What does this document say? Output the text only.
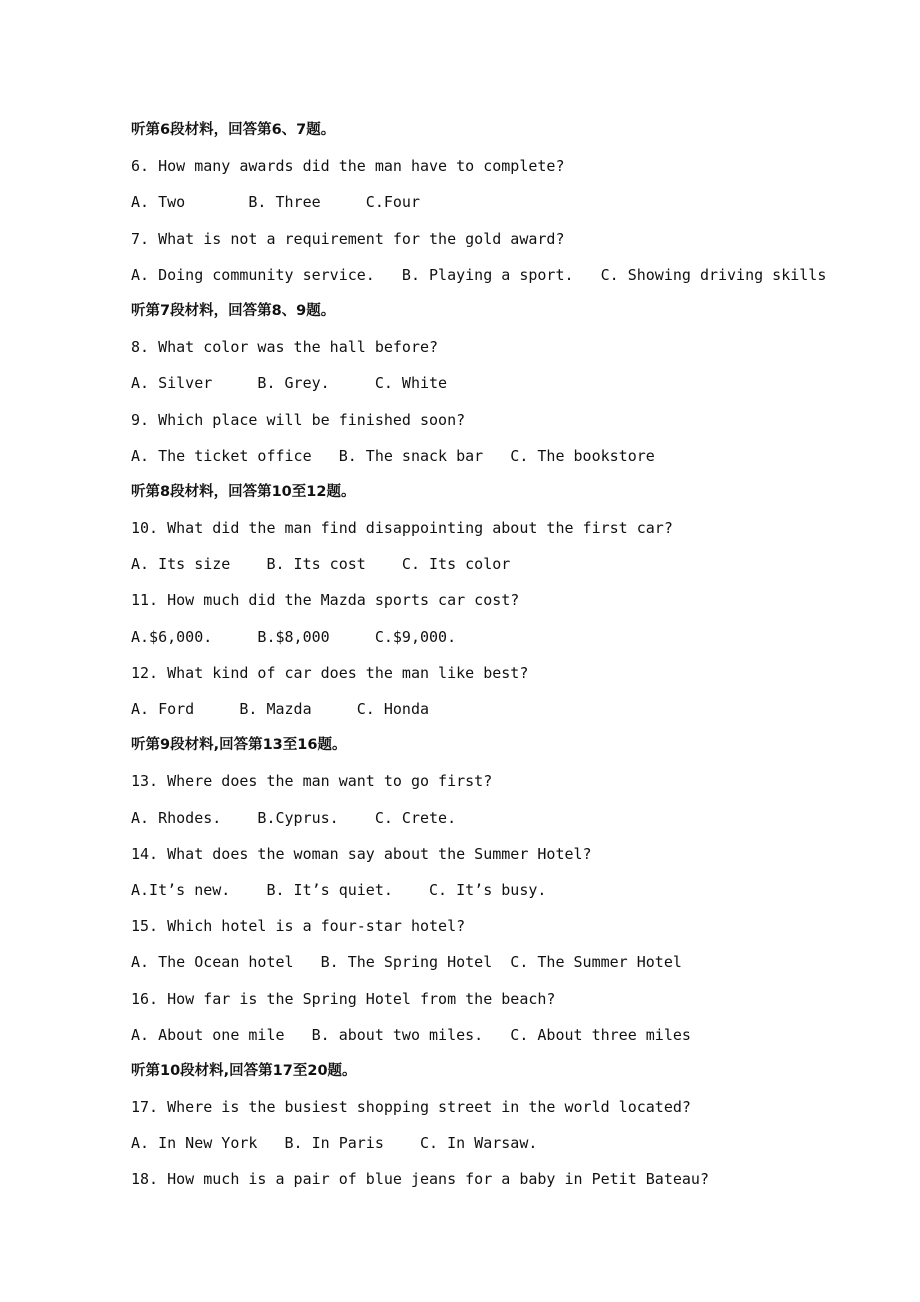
听第6段材料，回答第6、7题。
6. How many awards did the man have to complete?
A. Two       B. Three     C.Four
7. What is not a requirement for the gold award?
A. Doing community service.   B. Playing a sport.   C. Showing driving skills
听第7段材料，回答第8、9题。
8. What color was the hall before?
A. Silver     B. Grey.     C. White
9. Which place will be finished soon?
A. The ticket office   B. The snack bar   C. The bookstore
听第8段材料，回答第10至12题。
10. What did the man find disappointing about the first car?
A. Its size    B. Its cost    C. Its color
11. How much did the Mazda sports car cost?
A.$6,000.     B.$8,000     C.$9,000.
12. What kind of car does the man like best?
A. Ford     B. Mazda     C. Honda
听第9段材料,回答第13至16题。
13. Where does the man want to go first?
A. Rhodes.    B.Cyprus.    C. Crete.
14. What does the woman say about the Summer Hotel?
A.It’s new.    B. It’s quiet.    C. It’s busy.
15. Which hotel is a four-star hotel?
A. The Ocean hotel   B. The Spring Hotel  C. The Summer Hotel
16. How far is the Spring Hotel from the beach?
A. About one mile   B. about two miles.   C. About three miles
听第10段材料,回答第17至20题。
17. Where is the busiest shopping street in the world located?
A. In New York   B. In Paris    C. In Warsaw.
18. How much is a pair of blue jeans for a baby in Petit Bateau?
